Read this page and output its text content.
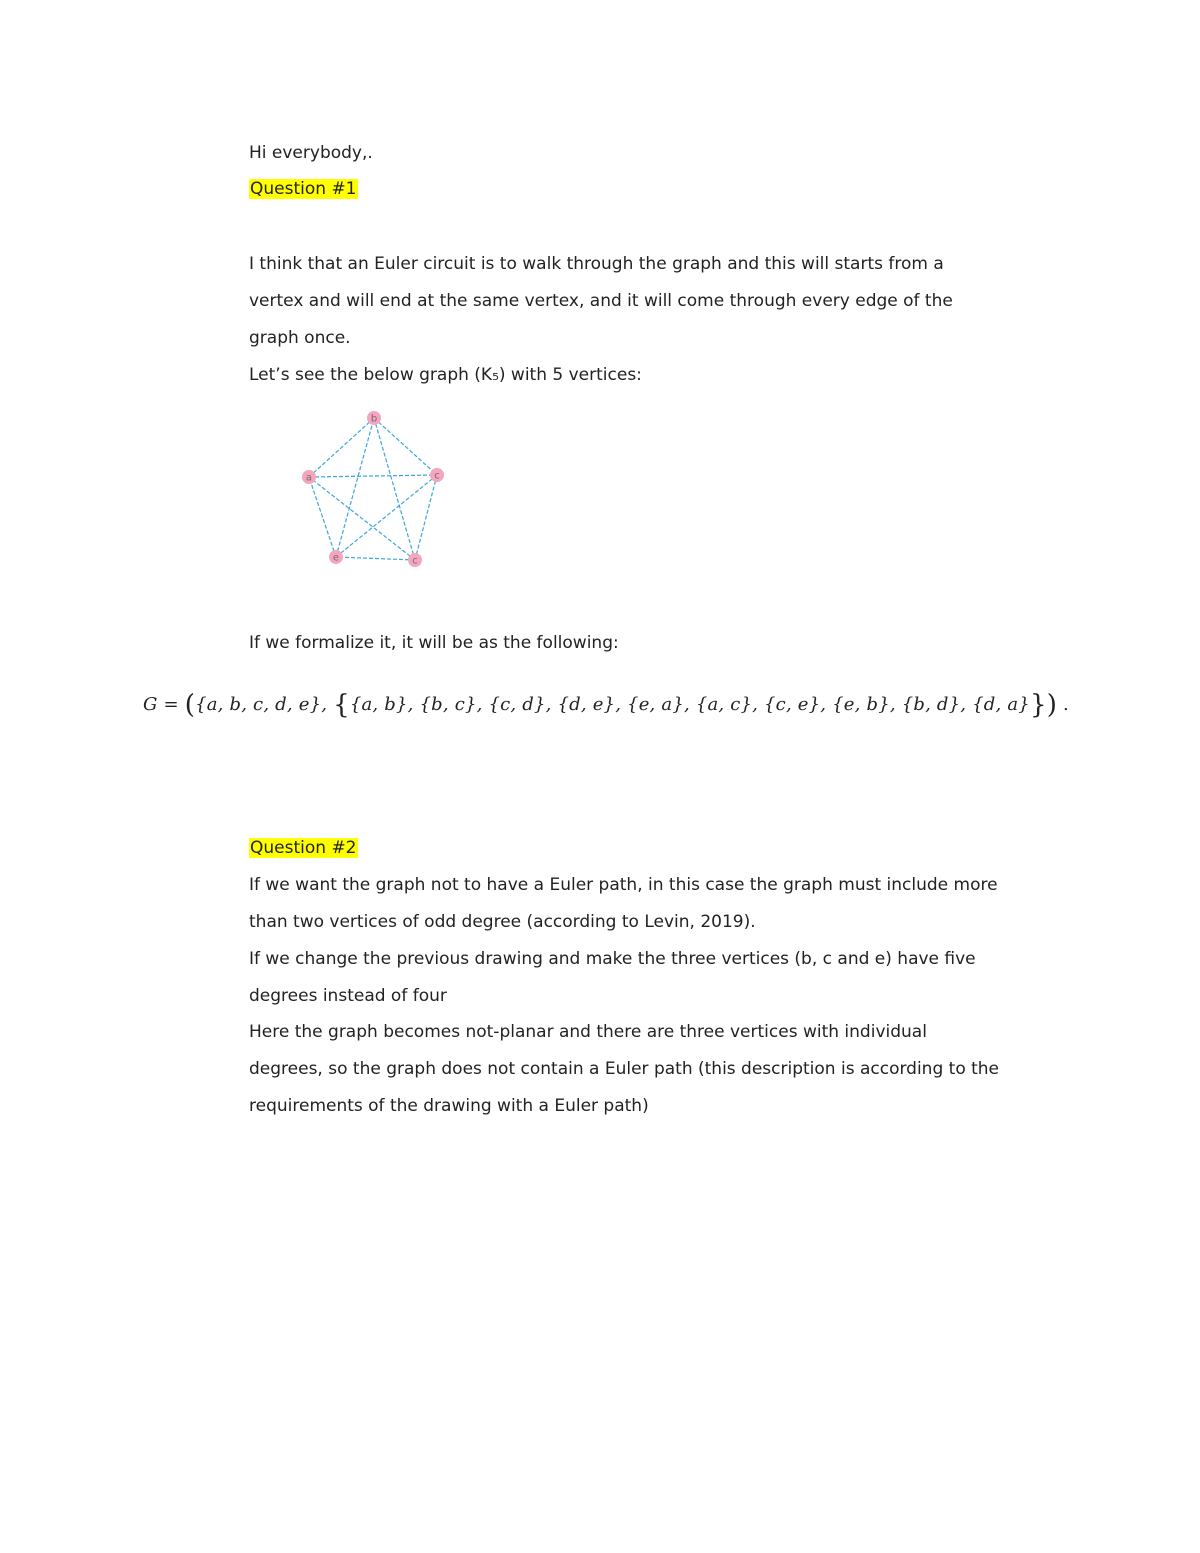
Hi everybody,.
Question #1
I think that an Euler circuit is to walk through the graph and this will starts from a
vertex and will end at the same vertex, and it will come through every edge of the
graph once.
Let’s see the below graph (K₅) with 5 vertices:
b
c
c
e
a
If we formalize it, it will be as the following:
G = ({a, b, c, d, e}, {{a, b}, {b, c}, {c, d}, {d, e}, {e, a}, {a, c}, {c, e}, {e, b}, {b, d}, {d, a}}) .
Question #2
If we want the graph not to have a Euler path, in this case the graph must include more
than two vertices of odd degree (according to Levin, 2019).
If we change the previous drawing and make the three vertices (b, c and e) have five
degrees instead of four
Here the graph becomes not-planar and there are three vertices with individual
degrees, so the graph does not contain a Euler path (this description is according to the
requirements of the drawing with a Euler path)
